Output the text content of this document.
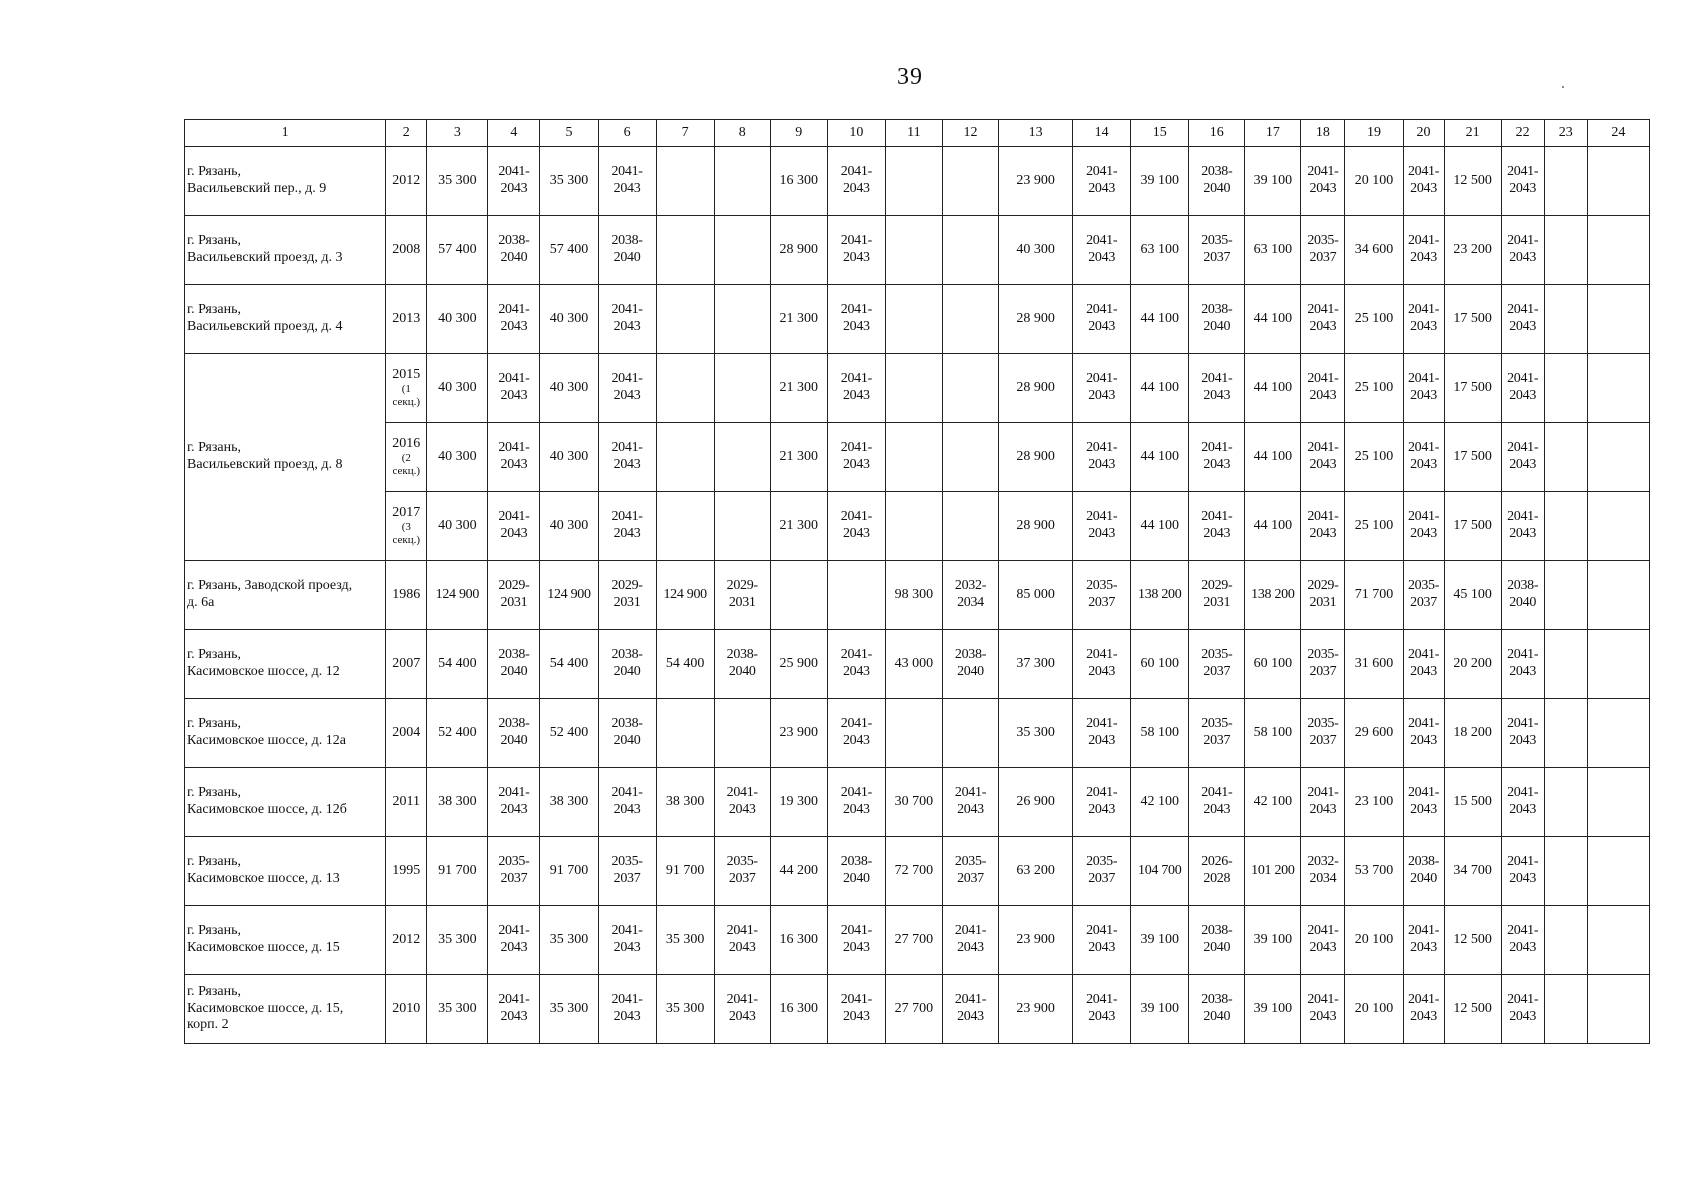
39
1	2	3	4	5	6	7	8	9	10	11	12	13	14	15	16	17	18	19	20	21	22	23	24
г. Рязань,
Васильевский пер., д. 9	2012	35 300	2041-
2043	35 300	2041-
2043			16 300	2041-
2043			23 900	2041-
2043	39 100	2038-
2040	39 100	2041-
2043	20 100	2041-
2043	12 500	2041-
2043		
г. Рязань,
Васильевский проезд, д. 3	2008	57 400	2038-
2040	57 400	2038-
2040			28 900	2041-
2043			40 300	2041-
2043	63 100	2035-
2037	63 100	2035-
2037	34 600	2041-
2043	23 200	2041-
2043		
г. Рязань,
Васильевский проезд, д. 4	2013	40 300	2041-
2043	40 300	2041-
2043			21 300	2041-
2043			28 900	2041-
2043	44 100	2038-
2040	44 100	2041-
2043	25 100	2041-
2043	17 500	2041-
2043		
г. Рязань,
Васильевский проезд, д. 8	2015
(1
секц.)	40 300	2041-
2043	40 300	2041-
2043			21 300	2041-
2043			28 900	2041-
2043	44 100	2041-
2043	44 100	2041-
2043	25 100	2041-
2043	17 500	2041-
2043		

	2016
(2
секц.)	40 300	2041-
2043	40 300	2041-
2043			21 300	2041-
2043			28 900	2041-
2043	44 100	2041-
2043	44 100	2041-
2043	25 100	2041-
2043	17 500	2041-
2043		

	2017
(3
секц.)	40 300	2041-
2043	40 300	2041-
2043			21 300	2041-
2043			28 900	2041-
2043	44 100	2041-
2043	44 100	2041-
2043	25 100	2041-
2043	17 500	2041-
2043		
г. Рязань, Заводской проезд,
д. 6а	1986	124 900	2029-
2031	124 900	2029-
2031	124 900	2029-
2031			98 300	2032-
2034	85 000	2035-
2037	138 200	2029-
2031	138 200	2029-
2031	71 700	2035-
2037	45 100	2038-
2040		
г. Рязань,
Касимовское шоссе, д. 12	2007	54 400	2038-
2040	54 400	2038-
2040	54 400	2038-
2040	25 900	2041-
2043	43 000	2038-
2040	37 300	2041-
2043	60 100	2035-
2037	60 100	2035-
2037	31 600	2041-
2043	20 200	2041-
2043		
г. Рязань,
Касимовское шоссе, д. 12а	2004	52 400	2038-
2040	52 400	2038-
2040			23 900	2041-
2043			35 300	2041-
2043	58 100	2035-
2037	58 100	2035-
2037	29 600	2041-
2043	18 200	2041-
2043		
г. Рязань,
Касимовское шоссе, д. 12б	2011	38 300	2041-
2043	38 300	2041-
2043	38 300	2041-
2043	19 300	2041-
2043	30 700	2041-
2043	26 900	2041-
2043	42 100	2041-
2043	42 100	2041-
2043	23 100	2041-
2043	15 500	2041-
2043		
г. Рязань,
Касимовское шоссе, д. 13	1995	91 700	2035-
2037	91 700	2035-
2037	91 700	2035-
2037	44 200	2038-
2040	72 700	2035-
2037	63 200	2035-
2037	104 700	2026-
2028	101 200	2032-
2034	53 700	2038-
2040	34 700	2041-
2043		
г. Рязань,
Касимовское шоссе, д. 15	2012	35 300	2041-
2043	35 300	2041-
2043	35 300	2041-
2043	16 300	2041-
2043	27 700	2041-
2043	23 900	2041-
2043	39 100	2038-
2040	39 100	2041-
2043	20 100	2041-
2043	12 500	2041-
2043		
г. Рязань,
Касимовское шоссе, д. 15,
корп. 2	2010	35 300	2041-
2043	35 300	2041-
2043	35 300	2041-
2043	16 300	2041-
2043	27 700	2041-
2043	23 900	2041-
2043	39 100	2038-
2040	39 100	2041-
2043	20 100	2041-
2043	12 500	2041-
2043		
